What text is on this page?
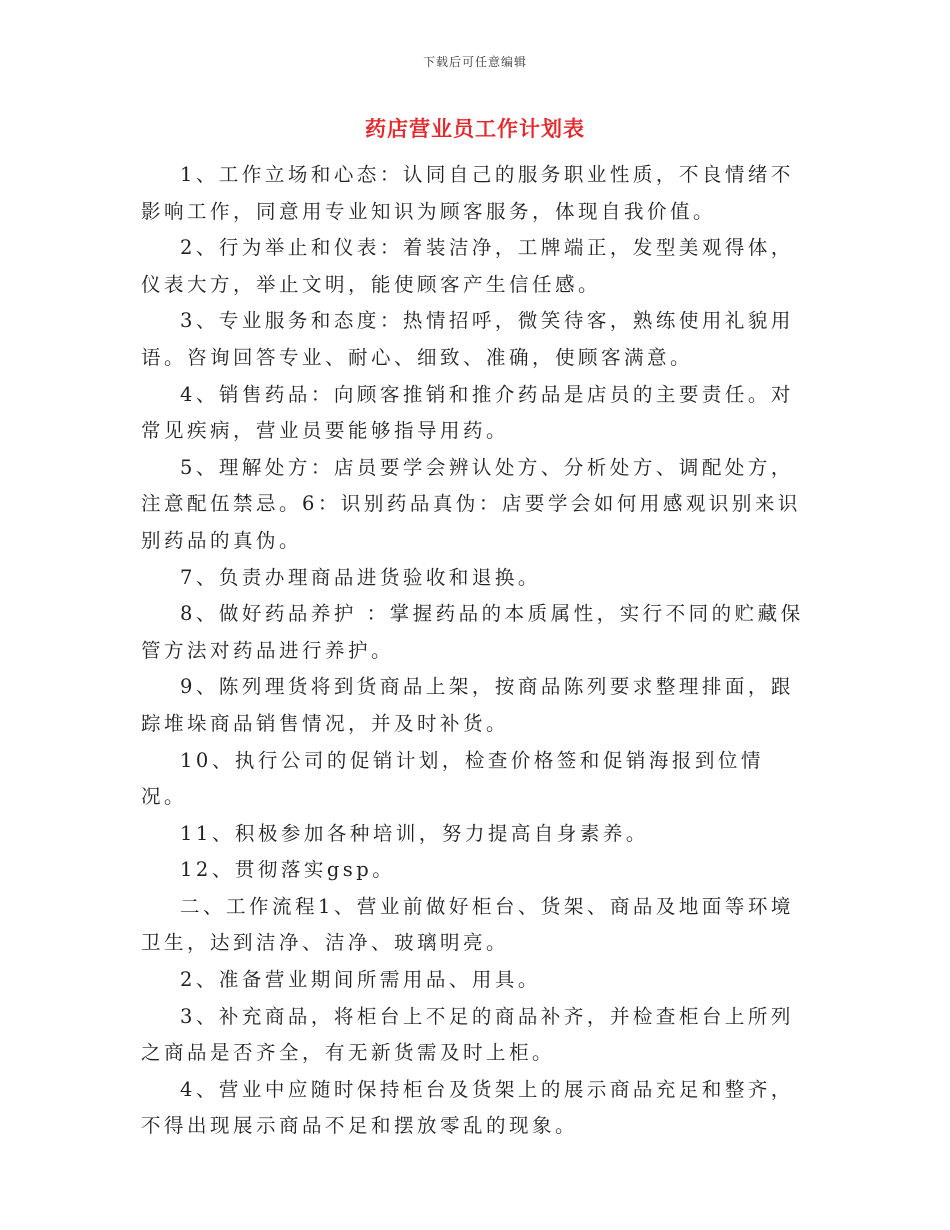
下载后可任意编辑
药店营业员工作计划表

1、工作立场和心态：认同自己的服务职业性质，不良情绪不影响工作，同意用专业知识为顾客服务，体现自我价值。

2、行为举止和仪表：着装洁净，工牌端正，发型美观得体，仪表大方，举止文明，能使顾客产生信任感。

3、专业服务和态度：热情招呼，微笑待客，熟练使用礼貌用语。咨询回答专业、耐心、细致、准确，使顾客满意。

4、销售药品：向顾客推销和推介药品是店员的主要责任。对常见疾病，营业员要能够指导用药。

5、理解处方：店员要学会辨认处方、分析处方、调配处方，注意配伍禁忌。6：识别药品真伪：店要学会如何用感观识别来识别药品的真伪。

7、负责办理商品进货验收和退换。

8、做好药品养护 ：掌握药品的本质属性，实行不同的贮藏保管方法对药品进行养护。

9、陈列理货将到货商品上架，按商品陈列要求整理排面，跟踪堆垛商品销售情况，并及时补货。

10、执行公司的促销计划，检查价格签和促销海报到位情况。

11、积极参加各种培训，努力提高自身素养。

12、贯彻落实gsp。

二、工作流程1、营业前做好柜台、货架、商品及地面等环境卫生，达到洁净、洁净、玻璃明亮。

2、准备营业期间所需用品、用具。

3、补充商品，将柜台上不足的商品补齐，并检查柜台上所列之商品是否齐全，有无新货需及时上柜。

4、营业中应随时保持柜台及货架上的展示商品充足和整齐，不得出现展示商品不足和摆放零乱的现象。
